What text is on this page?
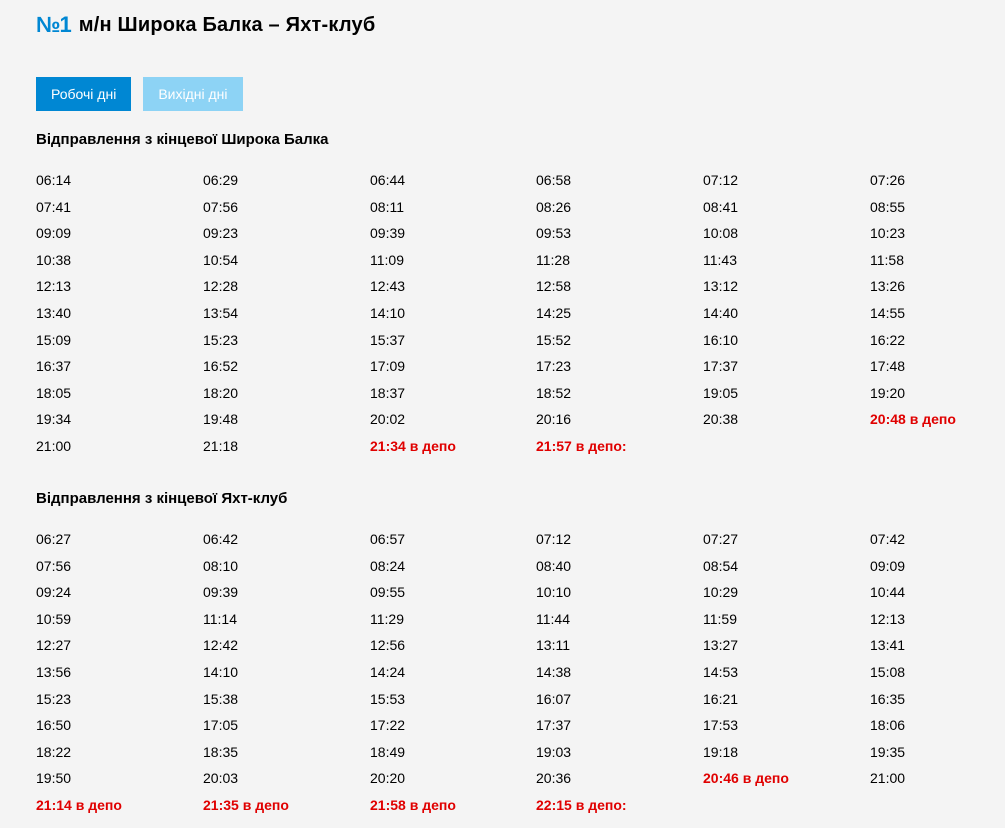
№1 м/н Широка Балка – Яхт-клуб
Робочі дні	Вихідні дні
Відправлення з кінцевої Широка Балка
06:14	06:29	06:44	06:58	07:12	07:26
07:41	07:56	08:11	08:26	08:41	08:55
09:09	09:23	09:39	09:53	10:08	10:23
10:38	10:54	11:09	11:28	11:43	11:58
12:13	12:28	12:43	12:58	13:12	13:26
13:40	13:54	14:10	14:25	14:40	14:55
15:09	15:23	15:37	15:52	16:10	16:22
16:37	16:52	17:09	17:23	17:37	17:48
18:05	18:20	18:37	18:52	19:05	19:20
19:34	19:48	20:02	20:16	20:38	20:48 в депо
21:00	21:18	21:34 в депо	21:57 в депо:
Відправлення з кінцевої Яхт-клуб
06:27	06:42	06:57	07:12	07:27	07:42
07:56	08:10	08:24	08:40	08:54	09:09
09:24	09:39	09:55	10:10	10:29	10:44
10:59	11:14	11:29	11:44	11:59	12:13
12:27	12:42	12:56	13:11	13:27	13:41
13:56	14:10	14:24	14:38	14:53	15:08
15:23	15:38	15:53	16:07	16:21	16:35
16:50	17:05	17:22	17:37	17:53	18:06
18:22	18:35	18:49	19:03	19:18	19:35
19:50	20:03	20:20	20:36	20:46 в депо	21:00
21:14 в депо	21:35 в депо	21:58 в депо	22:15 в депо:
